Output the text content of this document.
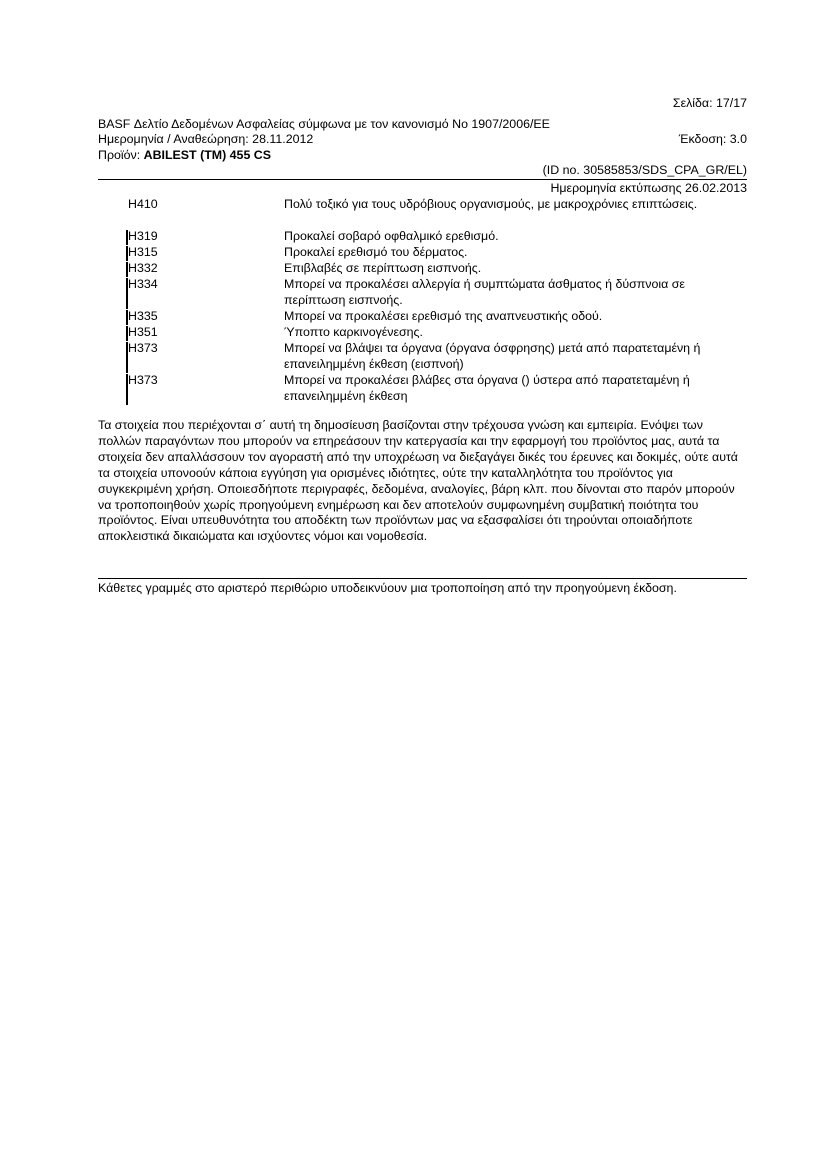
Σελίδα: 17/17
BASF Δελτίο Δεδομένων Ασφαλείας σύμφωνα με τον κανονισμό Νο 1907/2006/ΕΕ
Ημερομηνία / Αναθεώρηση: 28.11.2012	Έκδοση: 3.0
Προϊόν: ABILEST (TM) 455 CS
(ID no. 30585853/SDS_CPA_GR/EL)
Ημερομηνία εκτύπωσης 26.02.2013
H410	Πολύ τοξικό για τους υδρόβιους οργανισμούς, με μακροχρόνιες επιπτώσεις.
H319	Προκαλεί σοβαρό οφθαλμικό ερεθισμό.
H315	Προκαλεί ερεθισμό του δέρματος.
H332	Επιβλαβές σε περίπτωση εισπνοής.
H334	Μπορεί να προκαλέσει αλλεργία ή συμπτώματα άσθματος ή δύσπνοια σε περίπτωση εισπνοής.
H335	Μπορεί να προκαλέσει ερεθισμό της αναπνευστικής οδού.
H351	Ύποπτο καρκινογένεσης.
H373	Μπορεί να βλάψει τα όργανα (όργανα όσφρησης) μετά από παρατεταμένη ή επανειλημμένη έκθεση (εισπνοή)
H373	Μπορεί να προκαλέσει βλάβες στα όργανα () ύστερα από παρατεταμένη ή επανειλημμένη έκθεση
Τα στοιχεία που περιέχονται σ΄ αυτή τη δημοσίευση βασίζονται στην τρέχουσα γνώση και εμπειρία. Ενόψει των πολλών παραγόντων που μπορούν να επηρεάσουν την κατεργασία και την εφαρμογή του προϊόντος μας, αυτά τα στοιχεία δεν απαλλάσσουν τον αγοραστή από την υποχρέωση να διεξαγάγει δικές του έρευνες και δοκιμές, ούτε αυτά τα στοιχεία υπονοούν κάποια εγγύηση για ορισμένες ιδιότητες, ούτε την καταλληλότητα του προϊόντος για συγκεκριμένη χρήση. Οποιεσδήποτε περιγραφές, δεδομένα, αναλογίες, βάρη κλπ. που δίνονται στο παρόν μπορούν να τροποποιηθούν χωρίς προηγούμενη ενημέρωση και δεν αποτελούν συμφωνημένη συμβατική ποιότητα του προϊόντος. Είναι υπευθυνότητα του αποδέκτη των προϊόντων μας να εξασφαλίσει ότι τηρούνται οποιαδήποτε αποκλειστικά δικαιώματα και ισχύοντες νόμοι και νομοθεσία.
Κάθετες γραμμές στο αριστερό περιθώριο υποδεικνύουν μια τροποποίηση από την προηγούμενη έκδοση.
